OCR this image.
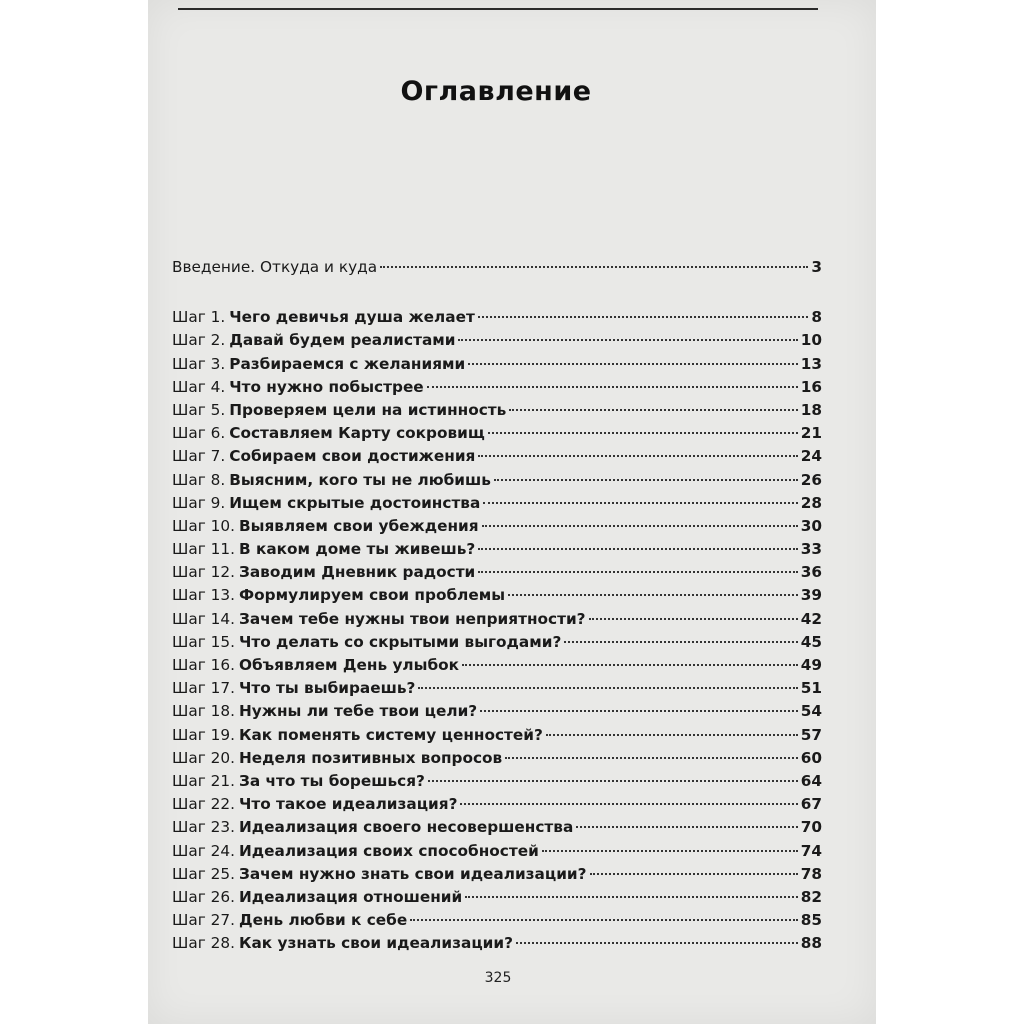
Оглавление
Введение. Откуда и куда	3
Шаг 1. Чего девичья душа желает	8
Шаг 2. Давай будем реалистами	10
Шаг 3. Разбираемся с желаниями	13
Шаг 4. Что нужно побыстрее	16
Шаг 5. Проверяем цели на истинность	18
Шаг 6. Составляем Карту сокровищ	21
Шаг 7. Собираем свои достижения	24
Шаг 8. Выясним, кого ты не любишь	26
Шаг 9. Ищем скрытые достоинства	28
Шаг 10. Выявляем свои убеждения	30
Шаг 11. В каком доме ты живешь?	33
Шаг 12. Заводим Дневник радости	36
Шаг 13. Формулируем свои проблемы	39
Шаг 14. Зачем тебе нужны твои неприятности?	42
Шаг 15. Что делать со скрытыми выгодами?	45
Шаг 16. Объявляем День улыбок	49
Шаг 17. Что ты выбираешь?	51
Шаг 18. Нужны ли тебе твои цели?	54
Шаг 19. Как поменять систему ценностей?	57
Шаг 20. Неделя позитивных вопросов	60
Шаг 21. За что ты борешься?	64
Шаг 22. Что такое идеализация?	67
Шаг 23. Идеализация своего несовершенства	70
Шаг 24. Идеализация своих способностей	74
Шаг 25. Зачем нужно знать свои идеализации?	78
Шаг 26. Идеализация отношений	82
Шаг 27. День любви к себе	85
Шаг 28. Как узнать свои идеализации?	88
325
